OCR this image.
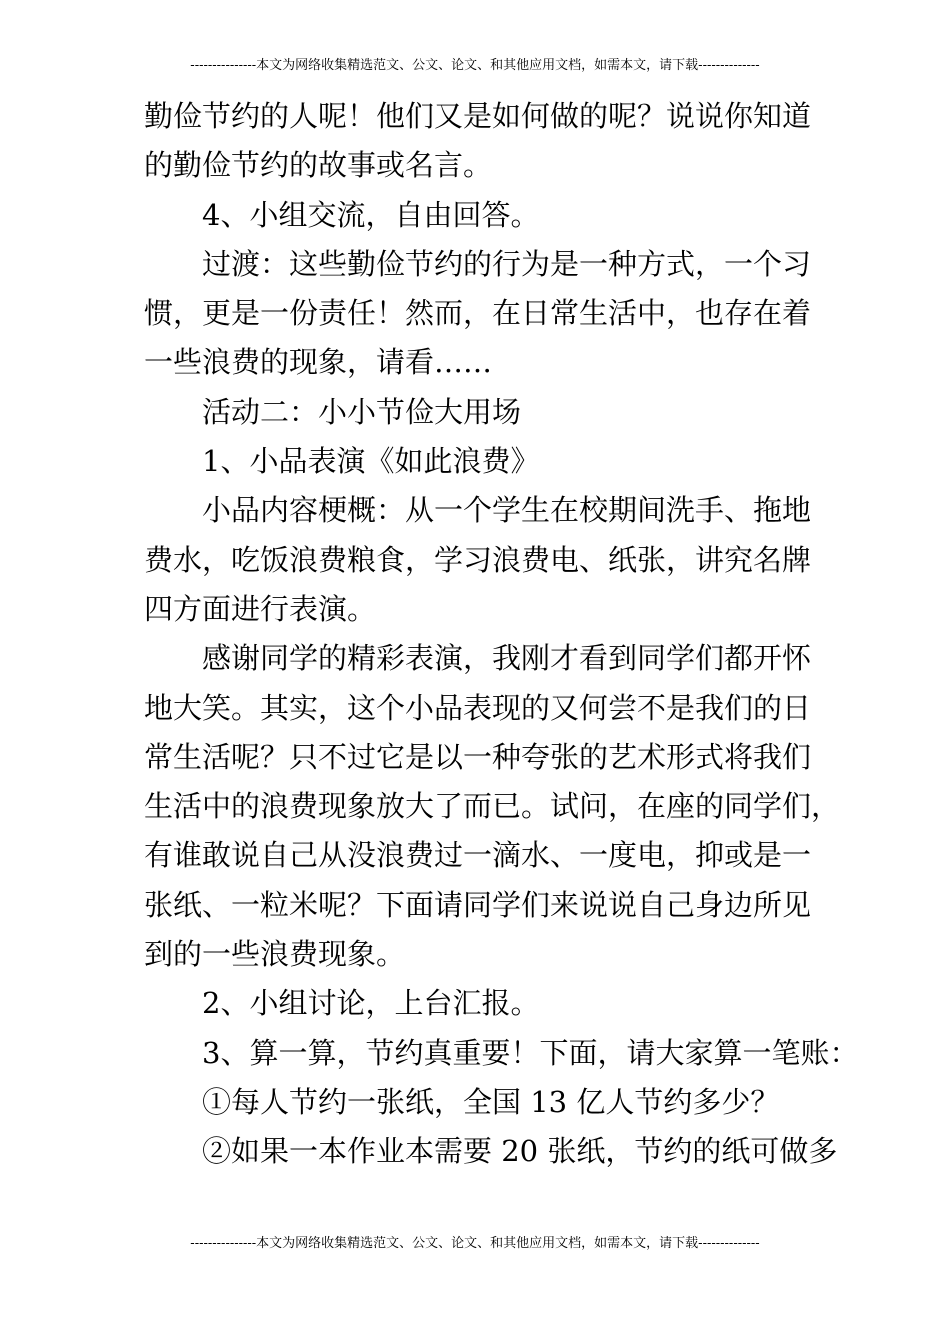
---------------本文为网络收集精选范文、公文、论文、和其他应用文档，如需本文，请下载--------------
勤俭节约的人呢！他们又是如何做的呢？说说你知道
的勤俭节约的故事或名言。
4、小组交流，自由回答。
过渡：这些勤俭节约的行为是一种方式，一个习
惯，更是一份责任！然而，在日常生活中，也存在着
一些浪费的现象，请看……
活动二：小小节俭大用场
1、小品表演《如此浪费》
小品内容梗概：从一个学生在校期间洗手、拖地
费水，吃饭浪费粮食，学习浪费电、纸张，讲究名牌
四方面进行表演。
感谢同学的精彩表演，我刚才看到同学们都开怀
地大笑。其实，这个小品表现的又何尝不是我们的日
常生活呢？只不过它是以一种夸张的艺术形式将我们
生活中的浪费现象放大了而已。试问，在座的同学们，
有谁敢说自己从没浪费过一滴水、一度电，抑或是一
张纸、一粒米呢？下面请同学们来说说自己身边所见
到的一些浪费现象。
2、小组讨论，上台汇报。
3、算一算，节约真重要！下面，请大家算一笔账：
①每人节约一张纸，全国 13 亿人节约多少？
②如果一本作业本需要 20 张纸，节约的纸可做多
---------------本文为网络收集精选范文、公文、论文、和其他应用文档，如需本文，请下载--------------
